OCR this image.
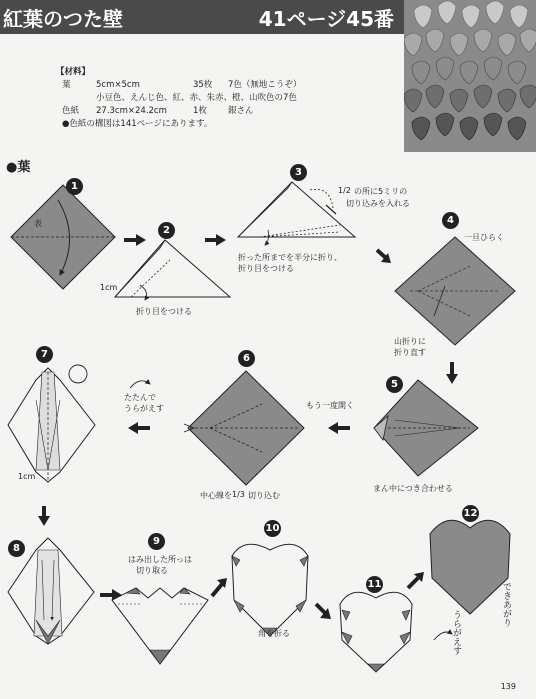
紅葉のつた壁	41ページ45番
【材料】
葉	5cm×5cm	35枚 7色（無地こうぞ）
小豆色、えんじ色、紅、赤、朱赤、橙、山吹色の7色
色紙 27.3cm×24.2cm	1枚 銀さん
●色紙の構図は141ページにあります。
●葉
1
2
3
4
5
6
7
8
9
10
11
12
表
1cm
折り目をつける
1/2 の所に5ミリの
切り込みを入れる
折った所までを半分に折り、
折り目をつける
一旦ひらく
山折りに
折り直す
まん中につき合わせる
もう一度開く
中心線を 1/3 切り込む
たたんで
うらがえす
1cm
はみ出した所っは
切り取る
角を折る	うらがえす
できあがり
139
